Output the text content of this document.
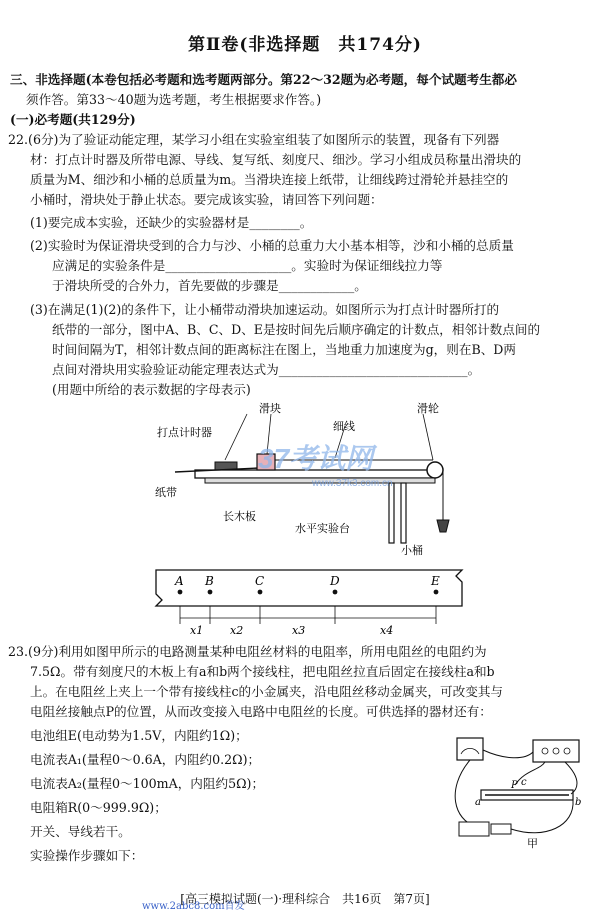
第Ⅱ卷(非选择题　共174分)
三、非选择题(本卷包括必考题和选考题两部分。第22～32题为必考题，每个试题考生都必
须作答。第33～40题为选考题，考生根据要求作答。)
(一)必考题(共129分)
22.(6分)为了验证动能定理，某学习小组在实验室组装了如图所示的装置，现备有下列器
材：打点计时器及所带电源、导线、复写纸、刻度尺、细沙。学习小组成员称量出滑块的
质量为M、细沙和小桶的总质量为m。当滑块连接上纸带，让细线跨过滑轮并悬挂空的
小桶时，滑块处于静止状态。要完成该实验，请回答下列问题：
(1)要完成本实验，还缺少的实验器材是________。
(2)实验时为保证滑块受到的合力与沙、小桶的总重力大小基本相等，沙和小桶的总质量
应满足的实验条件是____________________。实验时为保证细线拉力等
于滑块所受的合外力，首先要做的步骤是____________。
(3)在满足(1)(2)的条件下，让小桶带动滑块加速运动。如图所示为打点计时器所打的
纸带的一部分，图中A、B、C、D、E是按时间先后顺序确定的计数点，相邻计数点间的
时间间隔为T，相邻计数点间的距离标注在图上，当地重力加速度为g，则在B、D两
点间对滑块用实验验证动能定理表达式为______________________________。
(用题中所给的表示数据的字母表示)
打点计时器
滑块
细线
滑轮
纸带
长木板
水平实验台
小桶
37考试网
www.37k3.com.cn
A B	C	D	E
x1 x2	x3	x4
23.(9分)利用如图甲所示的电路测量某种电阻丝材料的电阻率，所用电阻丝的电阻约为
7.5Ω。带有刻度尺的木板上有a和b两个接线柱，把电阻丝拉直后固定在接线柱a和b
上。在电阻丝上夹上一个带有接线柱c的小金属夹，沿电阻丝移动金属夹，可改变其与
电阻丝接触点P的位置，从而改变接入电路中电阻丝的长度。可供选择的器材还有：
电池组E(电动势为1.5V，内阻约1Ω)；
电流表A₁(量程0～0.6A，内阻约0.2Ω)；
电流表A₂(量程0～100mA，内阻约5Ω)；
电阻箱R(0～999.9Ω)；
开关、导线若干。
实验操作步骤如下：
a	b
c
P
甲
[高三模拟试题(一)·理科综合　共16页　第7页]
www.2abc8.com首发
